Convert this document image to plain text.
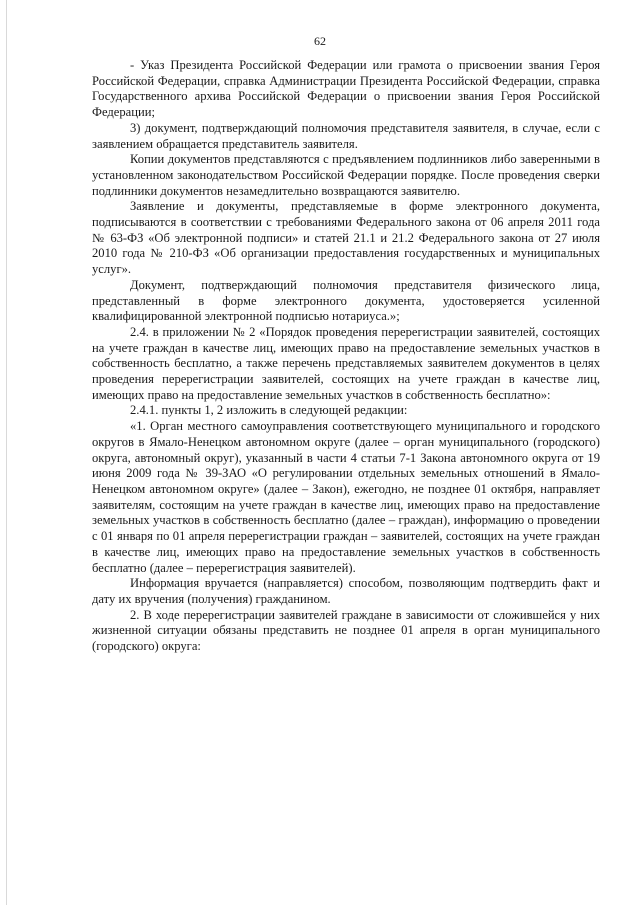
62

- Указ Президента Российской Федерации или грамота о присвоении звания Героя Российской Федерации, справка Администрации Президента Российской Федерации, справка Государственного архива Российской Федерации о присвоении звания Героя Российской Федерации;

3) документ, подтверждающий полномочия представителя заявителя, в случае, если с заявлением обращается представитель заявителя.

Копии документов представляются с предъявлением подлинников либо заверенными в установленном законодательством Российской Федерации порядке. После проведения сверки подлинники документов незамедлительно возвращаются заявителю.

Заявление и документы, представляемые в форме электронного документа, подписываются в соответствии с требованиями Федерального закона от 06 апреля 2011 года № 63-ФЗ «Об электронной подписи» и статей 21.1 и 21.2 Федерального закона от 27 июля 2010 года № 210-ФЗ «Об организации предоставления государственных и муниципальных услуг».

Документ, подтверждающий полномочия представителя физического лица, представленный в форме электронного документа, удостоверяется усиленной квалифицированной электронной подписью нотариуса.»;

2.4. в приложении № 2 «Порядок проведения перерегистрации заявителей, состоящих на учете граждан в качестве лиц, имеющих право на предоставление земельных участков в собственность бесплатно, а также перечень представляемых заявителем документов в целях проведения перерегистрации заявителей, состоящих на учете граждан в качестве лиц, имеющих право на предоставление земельных участков в собственность бесплатно»:

2.4.1. пункты 1, 2 изложить в следующей редакции:

«1. Орган местного самоуправления соответствующего муниципального и городского округов в Ямало-Ненецком автономном округе (далее – орган муниципального (городского) округа, автономный округ), указанный в части 4 статьи 7-1 Закона автономного округа от 19 июня 2009 года № 39-ЗАО «О регулировании отдельных земельных отношений в Ямало-Ненецком автономном округе» (далее – Закон), ежегодно, не позднее 01 октября, направляет заявителям, состоящим на учете граждан в качестве лиц, имеющих право на предоставление земельных участков в собственность бесплатно (далее – граждан), информацию о проведении с 01 января по 01 апреля перерегистрации граждан – заявителей, состоящих на учете граждан в качестве лиц, имеющих право на предоставление земельных участков в собственность бесплатно (далее – перерегистрация заявителей).

Информация вручается (направляется) способом, позволяющим подтвердить факт и дату их вручения (получения) гражданином.

2. В ходе перерегистрации заявителей граждане в зависимости от сложившейся у них жизненной ситуации обязаны представить не позднее 01 апреля в орган муниципального (городского) округа:
